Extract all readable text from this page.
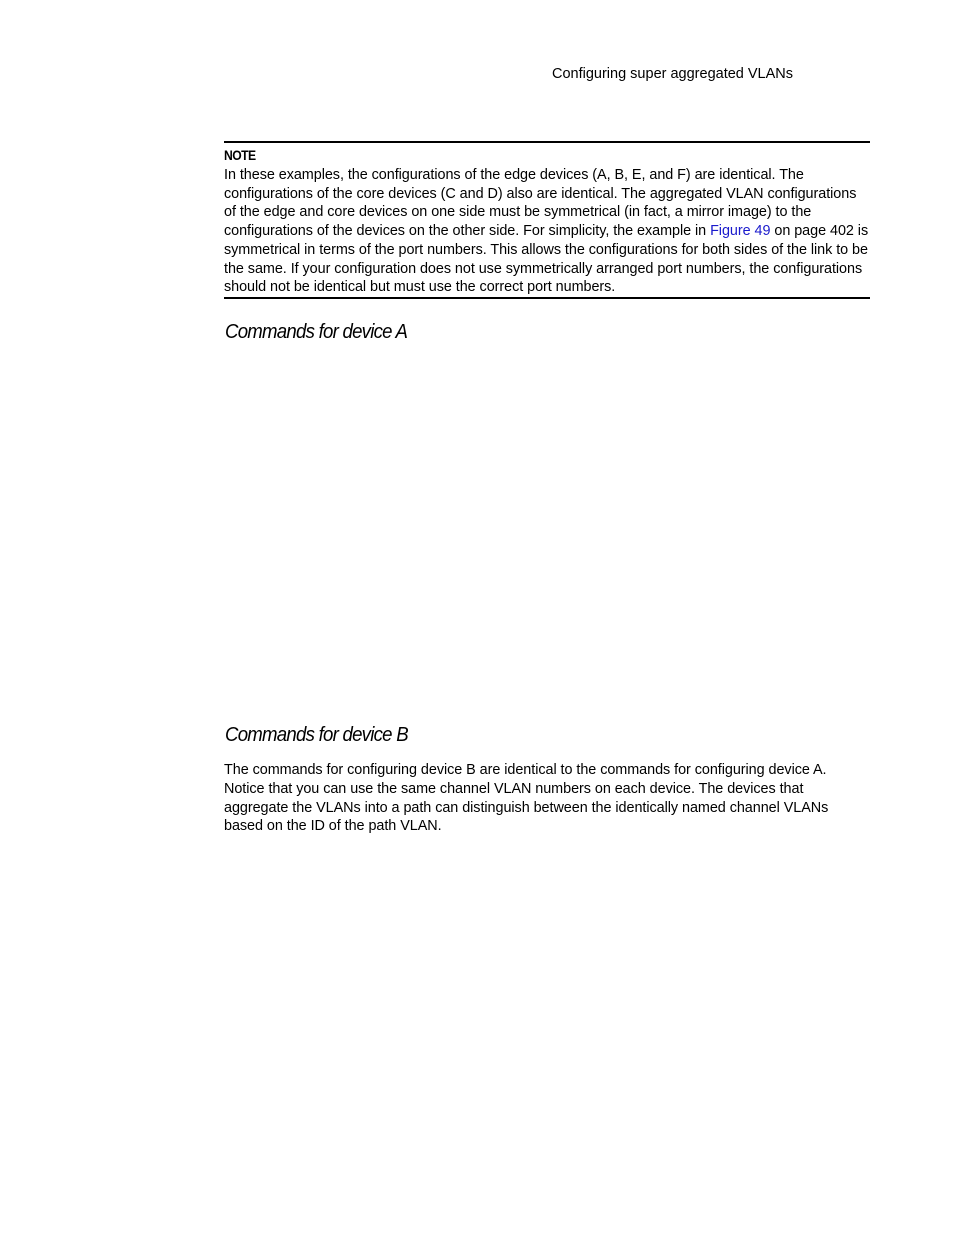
Configuring super aggregated VLANs
NOTE
In these examples, the configurations of the edge devices (A, B, E, and F) are identical. The configurations of the core devices (C and D) also are identical. The aggregated VLAN configurations of the edge and core devices on one side must be symmetrical (in fact, a mirror image) to the configurations of the devices on the other side. For simplicity, the example in Figure 49 on page 402 is symmetrical in terms of the port numbers. This allows the configurations for both sides of the link to be the same. If your configuration does not use symmetrically arranged port numbers, the configurations should not be identical but must use the correct port numbers.
Commands for device A
Commands for device B
The commands for configuring device B are identical to the commands for configuring device A. Notice that you can use the same channel VLAN numbers on each device. The devices that aggregate the VLANs into a path can distinguish between the identically named channel VLANs based on the ID of the path VLAN.
